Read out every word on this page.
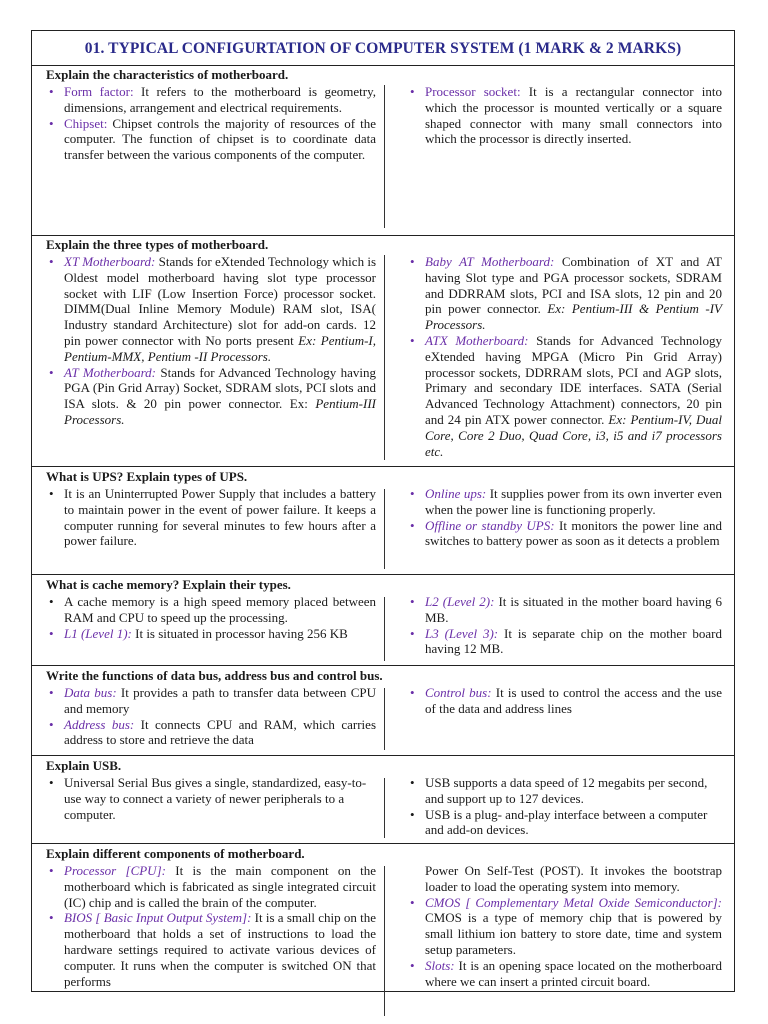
01. TYPICAL CONFIGURTATION OF COMPUTER SYSTEM (1 MARK & 2 MARKS)
Explain the characteristics of motherboard.
• Form factor: It refers to the motherboard is geometry, dimensions, arrangement and electrical requirements.
• Chipset: Chipset controls the majority of resources of the computer. The function of chipset is to coordinate data transfer between the various components of the computer.
• Processor socket: It is a rectangular connector into which the processor is mounted vertically or a square shaped connector with many small connectors into which the processor is directly inserted.
Explain the three types of motherboard.
• XT Motherboard: Stands for eXtended Technology which is Oldest model motherboard having slot type processor socket with LIF (Low Insertion Force) processor socket. DIMM(Dual Inline Memory Module) RAM slot, ISA( Industry standard Architecture) slot for add-on cards. 12 pin power connector with No ports present Ex: Pentium-I, Pentium-MMX, Pentium -II Processors.
• AT Motherboard: Stands for Advanced Technology having PGA (Pin Grid Array) Socket, SDRAM slots, PCI slots and ISA slots. & 20 pin power connector. Ex: Pentium-III Processors.
• Baby AT Motherboard: Combination of XT and AT having Slot type and PGA processor sockets, SDRAM and DDRRAM slots, PCI and ISA slots, 12 pin and 20 pin power connector. Ex: Pentium-III & Pentium -IV Processors.
• ATX Motherboard: Stands for Advanced Technology eXtended having MPGA (Micro Pin Grid Array) processor sockets, DDRRAM slots, PCI and AGP slots, Primary and secondary IDE interfaces. SATA (Serial Advanced Technology Attachment) connectors, 20 pin and 24 pin ATX power connector. Ex: Pentium-IV, Dual Core, Core 2 Duo, Quad Core, i3, i5 and i7 processors etc.
What is UPS? Explain types of UPS.
• It is an Uninterrupted Power Supply that includes a battery to maintain power in the event of power failure. It keeps a computer running for several minutes to few hours after a power failure.
• Online ups: It supplies power from its own inverter even when the power line is functioning properly.
• Offline or standby UPS: It monitors the power line and switches to battery power as soon as it detects a problem
What is cache memory? Explain their types.
• A cache memory is a high speed memory placed between RAM and CPU to speed up the processing.
• L1 (Level 1): It is situated in processor having 256 KB
• L2 (Level 2): It is situated in the mother board having 6 MB.
• L3 (Level 3): It is separate chip on the mother board having 12 MB.
Write the functions of data bus, address bus and control bus.
• Data bus: It provides a path to transfer data between CPU and memory
• Address bus: It connects CPU and RAM, which carries address to store and retrieve the data
• Control bus: It is used to control the access and the use of the data and address lines
Explain USB.
• Universal Serial Bus gives a single, standardized, easy-to-use way to connect a variety of newer peripherals to a computer.
• USB supports a data speed of 12 megabits per second, and support up to 127 devices.
• USB is a plug- and-play interface between a computer and add-on devices.
Explain different components of motherboard.
• Processor [CPU]: It is the main component on the motherboard which is fabricated as single integrated circuit (IC) chip and is called the brain of the computer.
• BIOS [ Basic Input Output System]: It is a small chip on the motherboard that holds a set of instructions to load the hardware settings required to activate various devices of computer. It runs when the computer is switched ON that performs

Power On Self-Test (POST). It invokes the bootstrap loader to load the operating system into memory.

• CMOS [ Complementary Metal Oxide Semiconductor]: CMOS is a type of memory chip that is powered by small lithium ion battery to store date, time and system setup parameters.
• Slots: It is an opening space located on the motherboard where we can insert a printed circuit board.
